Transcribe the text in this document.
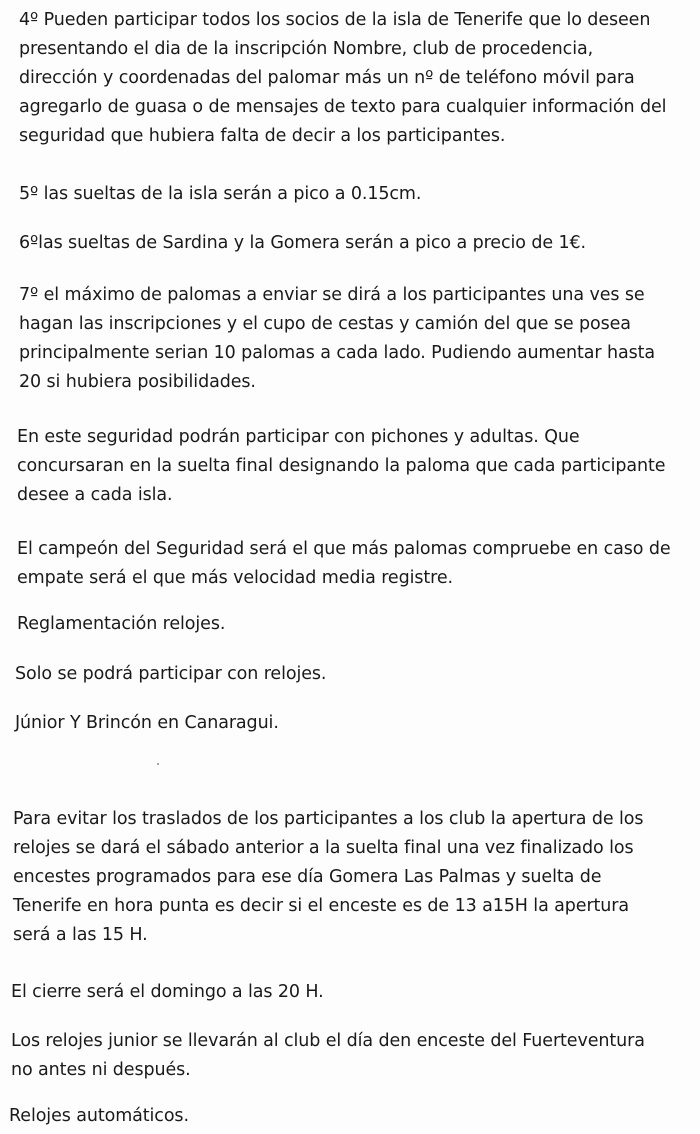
4º Pueden participar todos los socios de la isla de Tenerife que lo deseen
presentando el dia de la inscripción Nombre, club de procedencia,
dirección y coordenadas del palomar más un nº de teléfono móvil para
agregarlo de guasa o de mensajes de texto para cualquier información del
seguridad que hubiera falta de decir a los participantes.

5º las sueltas de la isla serán a pico a 0.15cm.

6ºlas sueltas de Sardina y la Gomera serán a pico a precio de 1€.

7º el máximo de palomas a enviar se dirá a los participantes una ves se
hagan las inscripciones y el cupo de cestas y camión del que se posea
principalmente serian 10 palomas a cada lado. Pudiendo aumentar hasta
20 si hubiera posibilidades.

En este seguridad podrán participar con pichones y adultas. Que
concursaran en la suelta final designando la paloma que cada participante
desee a cada isla.

El campeón del Seguridad será el que más palomas compruebe en caso de
empate será el que más velocidad media registre.

Reglamentación relojes.

Solo se podrá participar con relojes.

Júnior Y Brincón en Canaragui.

Para evitar los traslados de los participantes a los club la apertura de los
relojes se dará el sábado anterior a la suelta final una vez finalizado los
encestes programados para ese día Gomera Las Palmas y suelta de
Tenerife en hora punta es decir si el enceste es de 13 a15H la apertura
será a las 15 H.

El cierre será el domingo a las 20 H.

Los relojes junior se llevarán al club el día den enceste del Fuerteventura
no antes ni después.

Relojes automáticos.
